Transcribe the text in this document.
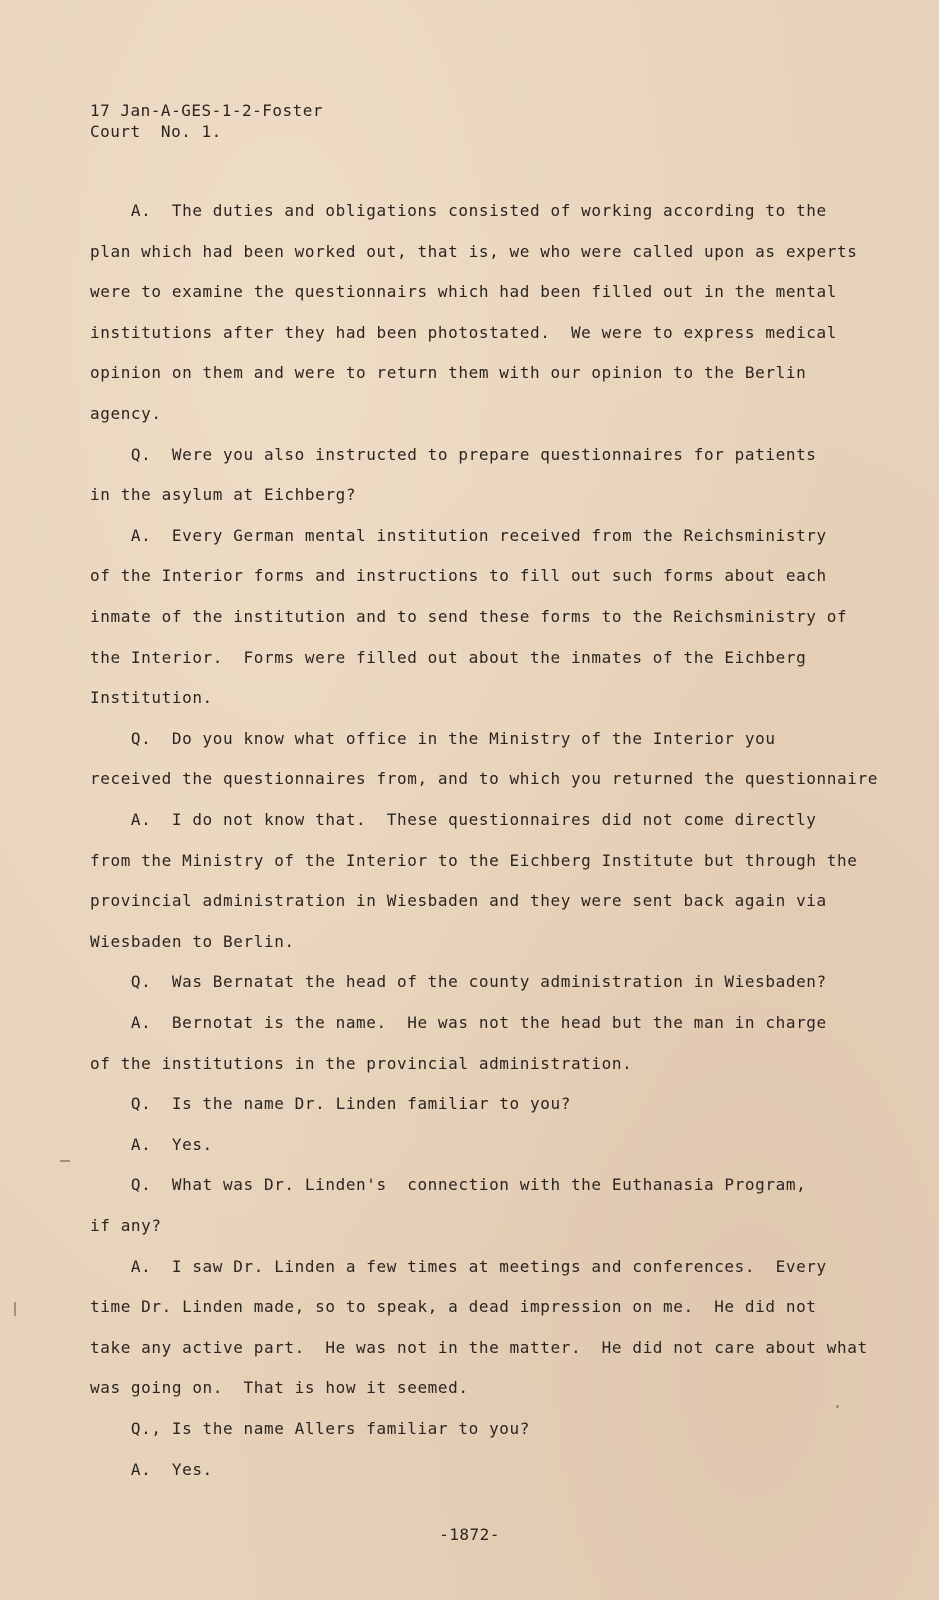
17 Jan-A-GES-1-2-Foster
Court  No. 1.
A.  The duties and obligations consisted of working according to the
plan which had been worked out, that is, we who were called upon as experts
were to examine the questionnairs which had been filled out in the mental
institutions after they had been photostated.  We were to express medical
opinion on them and were to return them with our opinion to the Berlin
agency.
Q.  Were you also instructed to prepare questionnaires for patients
in the asylum at Eichberg?
A.  Every German mental institution received from the Reichsministry
of the Interior forms and instructions to fill out such forms about each
inmate of the institution and to send these forms to the Reichsministry of
the Interior.  Forms were filled out about the inmates of the Eichberg
Institution.
Q.  Do you know what office in the Ministry of the Interior you
received the questionnaires from, and to which you returned the questionnaire
A.  I do not know that.  These questionnaires did not come directly
from the Ministry of the Interior to the Eichberg Institute but through the
provincial administration in Wiesbaden and they were sent back again via
Wiesbaden to Berlin.
Q.  Was Bernatat the head of the county administration in Wiesbaden?
A.  Bernotat is the name.  He was not the head but the man in charge
of the institutions in the provincial administration.
Q.  Is the name Dr. Linden familiar to you?
A.  Yes.
Q.  What was Dr. Linden's  connection with the Euthanasia Program,
if any?
A.  I saw Dr. Linden a few times at meetings and conferences.  Every
time Dr. Linden made, so to speak, a dead impression on me.  He did not
take any active part.  He was not in the matter.  He did not care about what
was going on.  That is how it seemed.
Q., Is the name Allers familiar to you?
A.  Yes.
-1872-
